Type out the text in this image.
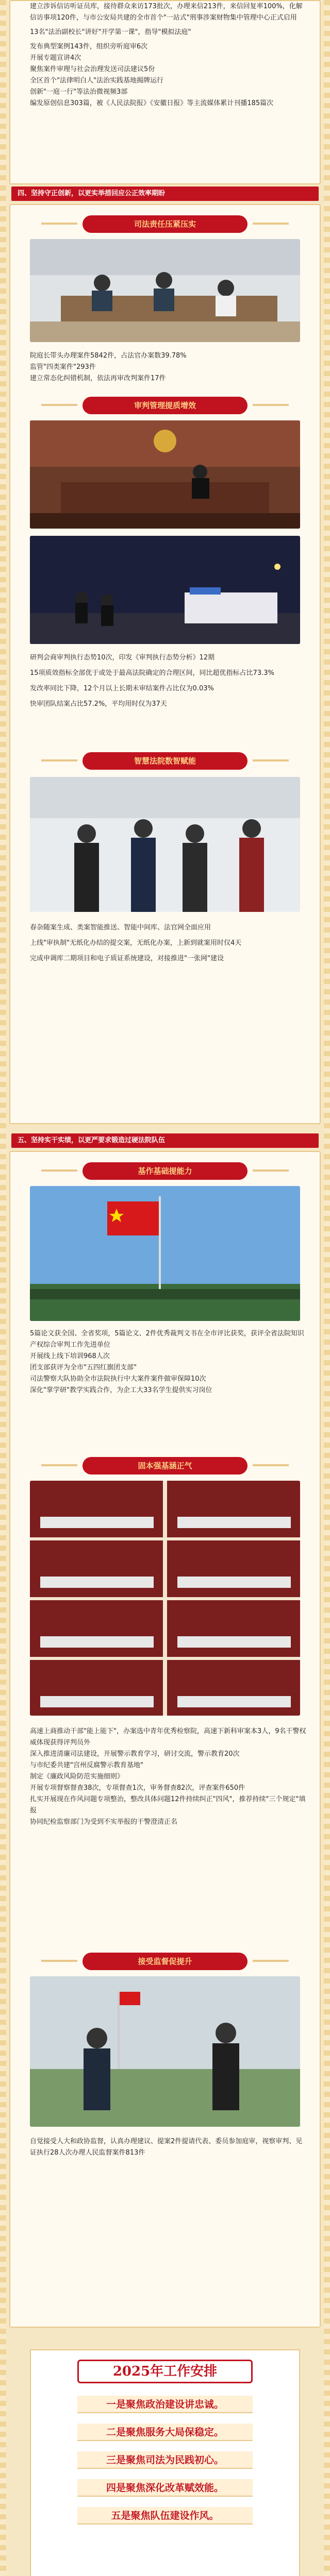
建立涉诉信访听证员库，接待群众来访173批次，办理来信213件，来信回复率100%，化解信访事项120件，与市公安局共建的全市首个"一站式"刑事涉案财物集中管理中心正式启用

13名"法治副校长"讲好"开学第一课"，指导"模拟法庭"

发布典型案例143件，组织旁听庭审6次

开展专题宣讲4次

聚焦案件审理与社会治理发送司法建议5份

全区首个"法律明白人"法治实践基地揭牌运行

创新"一庭一行"等法治微视频3部

编发原创信息303篇，被《人民法院报》《安徽日报》等主流媒体累计刊播185篇次

四、坚持守正创新，以更实举措回应公正效率期盼
司法责任压紧压实

院庭长带头办理案件5842件，占法官办案数39.78%

监管"四类案件"293件

建立常态化纠错机制，依法再审改判案件17件

审判管理提质增效

研判会商审判执行态势10次，印发《审判执行态势分析》12期

15项质效指标全部优于或处于最高法院确定的合理区间，同比超优指标占比73.3%

发改率同比下降，12个月以上长期未审结案件占比仅为0.03%

快审团队结案占比57.2%，平均用时仅为37天

智慧法院数智赋能

春杂随案生成、类案智能推送、智能中间库、法官网全面应用

上线"审执制"无纸化办结的提交案，无纸化办案，上新到就案用时仅4天

完成申调库二期项目和电子质证系统建设，对接推进"一张网"建设

五、坚持实干实绩，以更严要求锻造过硬法院队伍
基作基础提能力

5篇论文获全国、全省奖项，5篇论文、2件优秀裁判文书在全市评比获奖，获评全省法院知识产权综合审判工作先进单位

开展线上线下培训968人次

团支部获评为全市"五四红旗团支部"

司法警察大队协助全市法院执行中大案件案件做审保障10次

深化"掌学研"教学实践合作，为企工大33名学生提供实习岗位

固本强基涵正气

高速上商推动干部"能上能下"，办案选中青年优秀检察院，高速下新科审案本3人，9名干警权威体现获得评判员外

深入推进清廉司法建设，开展警示教育学习，研讨交流，警示教育20次

与市纪委共建"宫州反腐警示教育基地"

制定《廉政风险防范实施细则》

开展专项督察督查38次，专项督查1次，审务督查82次，评查案件650件

扎实开展现在作风问题专项整治，整改具体问题12件持续纠正"四风"，推荐持续"三个规定"填报

协同纪检监察部门为受到不实举报的干警澄清正名

接受监督促提升

自觉接受人大和政协监督，认真办理建议、提案2件提请代表、委员参加庭审，视察审判、见证执行28人次办理人民监督案件813件

2025年工作安排
一是聚焦政治建设讲忠诚。
二是聚焦服务大局保稳定。
三是聚焦司法为民践初心。
四是聚焦深化改革赋效能。
五是聚焦队伍建设作风。
